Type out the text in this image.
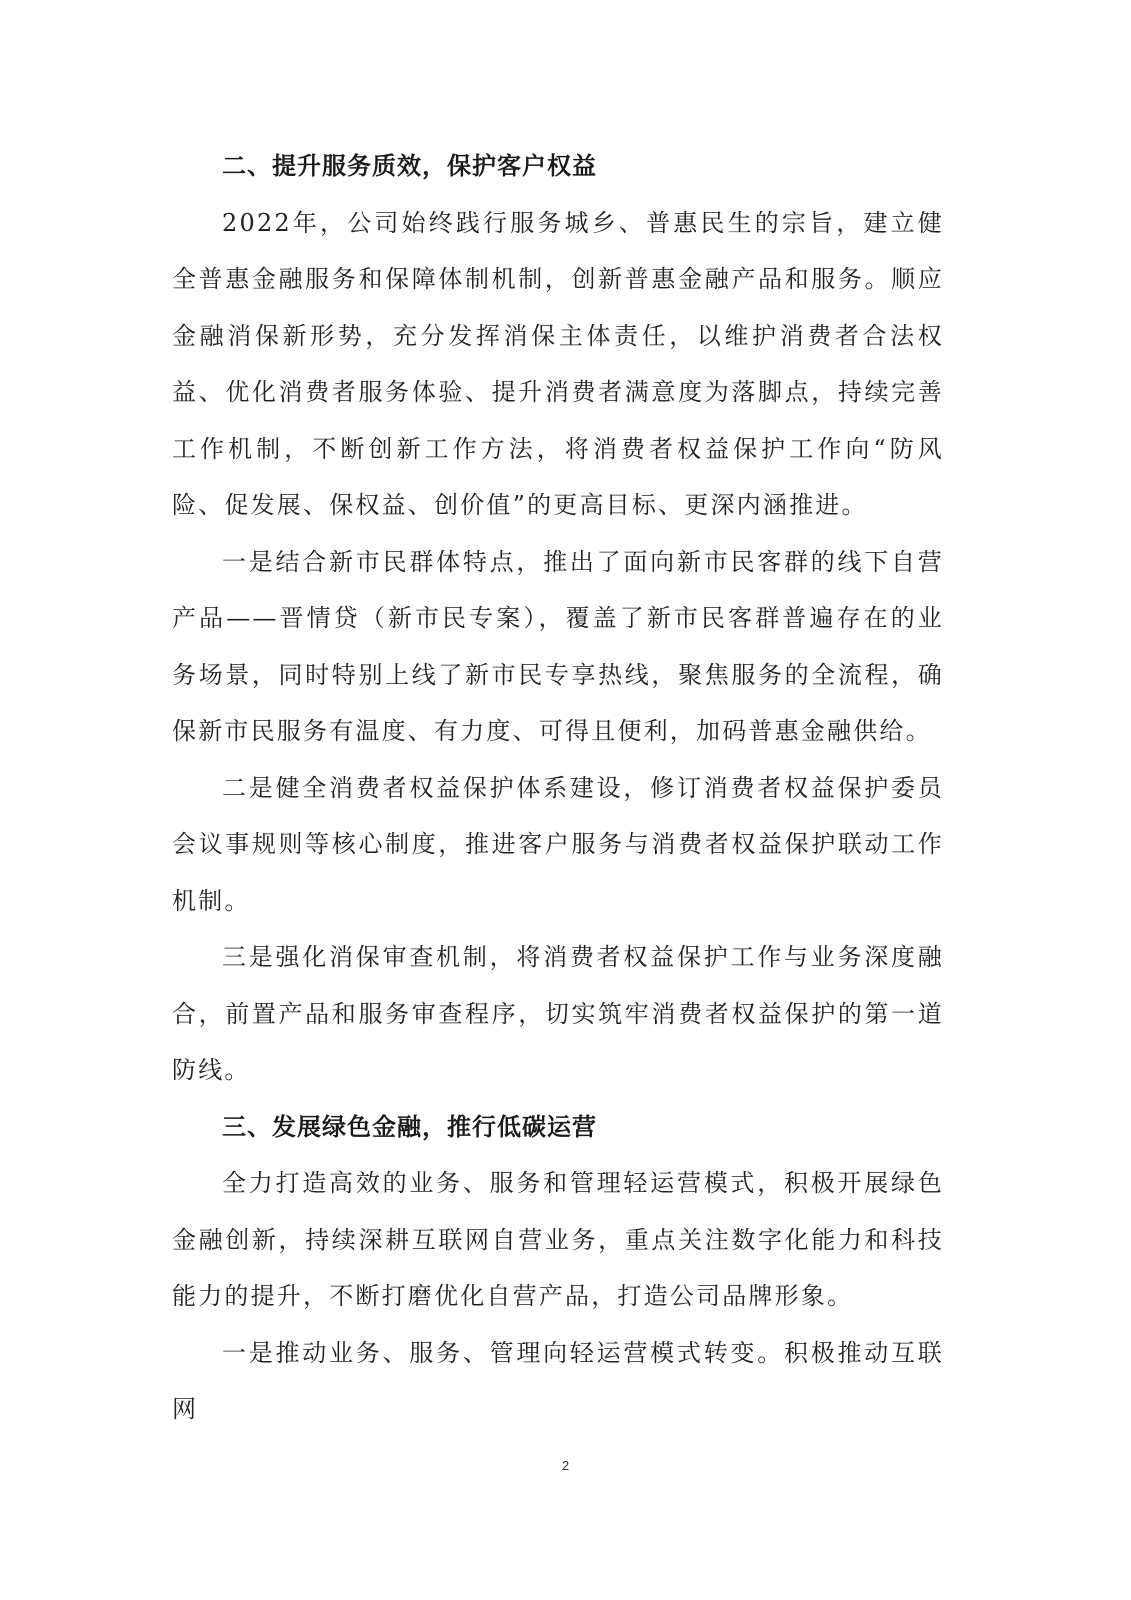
二、提升服务质效，保护客户权益

2022年，公司始终践行服务城乡、普惠民生的宗旨，建立健全普惠金融服务和保障体制机制，创新普惠金融产品和服务。顺应金融消保新形势，充分发挥消保主体责任，以维护消费者合法权益、优化消费者服务体验、提升消费者满意度为落脚点，持续完善工作机制，不断创新工作方法，将消费者权益保护工作向“防风险、促发展、保权益、创价值”的更高目标、更深内涵推进。

一是结合新市民群体特点，推出了面向新市民客群的线下自营产品——晋情贷（新市民专案），覆盖了新市民客群普遍存在的业务场景，同时特别上线了新市民专享热线，聚焦服务的全流程，确保新市民服务有温度、有力度、可得且便利，加码普惠金融供给。

二是健全消费者权益保护体系建设，修订消费者权益保护委员会议事规则等核心制度，推进客户服务与消费者权益保护联动工作机制。

三是强化消保审查机制，将消费者权益保护工作与业务深度融合，前置产品和服务审查程序，切实筑牢消费者权益保护的第一道防线。

三、发展绿色金融，推行低碳运营

全力打造高效的业务、服务和管理轻运营模式，积极开展绿色金融创新，持续深耕互联网自营业务，重点关注数字化能力和科技能力的提升，不断打磨优化自营产品，打造公司品牌形象。

一是推动业务、服务、管理向轻运营模式转变。积极推动互联网

2
